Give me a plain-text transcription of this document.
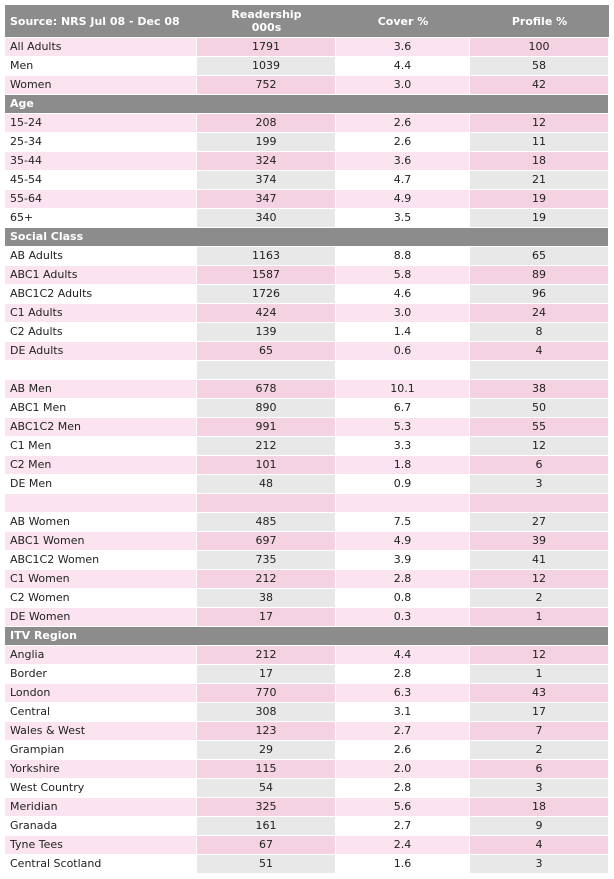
Source: NRS Jul 08 - Dec 08	Readership
000s	Cover %	Profile %
All Adults	1791	3.6	100
Men	1039	4.4	58
Women	752	3.0	42
Age			
15-24	208	2.6	12
25-34	199	2.6	11
35-44	324	3.6	18
45-54	374	4.7	21
55-64	347	4.9	19
65+	340	3.5	19
Social Class			
AB Adults	1163	8.8	65
ABC1 Adults	1587	5.8	89
ABC1C2 Adults	1726	4.6	96
C1 Adults	424	3.0	24
C2 Adults	139	1.4	8
DE Adults	65	0.6	4

AB Men	678	10.1	38
ABC1 Men	890	6.7	50
ABC1C2 Men	991	5.3	55
C1 Men	212	3.3	12
C2 Men	101	1.8	6
DE Men	48	0.9	3

AB Women	485	7.5	27
ABC1 Women	697	4.9	39
ABC1C2 Women	735	3.9	41
C1 Women	212	2.8	12
C2 Women	38	0.8	2
DE Women	17	0.3	1
ITV Region			
Anglia	212	4.4	12
Border	17	2.8	1
London	770	6.3	43
Central	308	3.1	17
Wales & West	123	2.7	7
Grampian	29	2.6	2
Yorkshire	115	2.0	6
West Country	54	2.8	3
Meridian	325	5.6	18
Granada	161	2.7	9
Tyne Tees	67	2.4	4
Central Scotland	51	1.6	3
